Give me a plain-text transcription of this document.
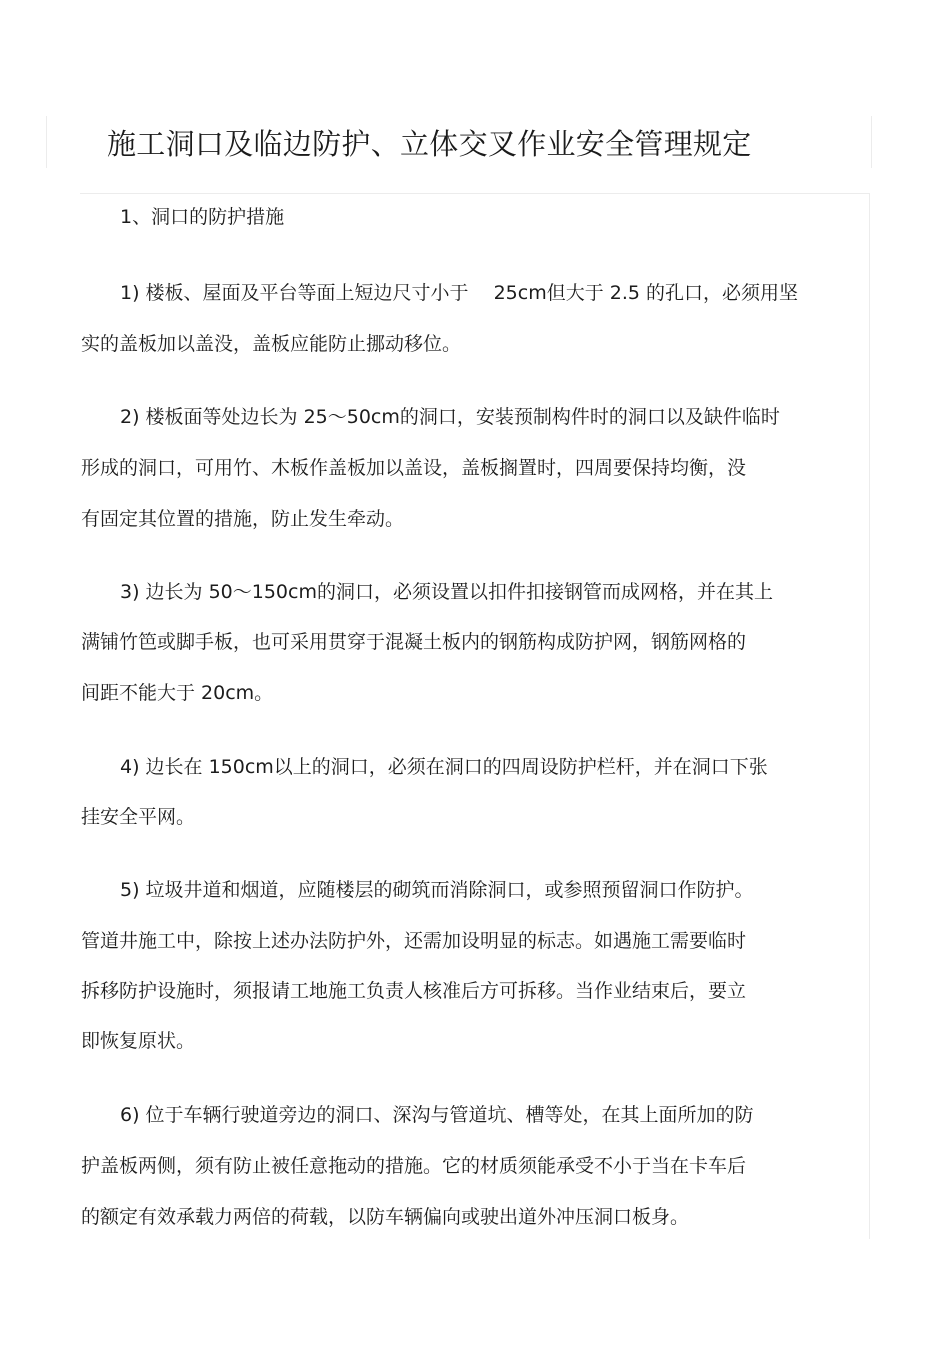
施工洞口及临边防护、立体交叉作业安全管理规定

1、洞口的防护措施

1) 楼板、屋面及平台等面上短边尺寸小于　 25cm但大于 2.5 的孔口，必须用坚

实的盖板加以盖没，盖板应能防止挪动移位。

2) 楼板面等处边长为 25～50cm的洞口，安装预制构件时的洞口以及缺件临时

形成的洞口，可用竹、木板作盖板加以盖设，盖板搁置时，四周要保持均衡，没

有固定其位置的措施，防止发生牵动。

3) 边长为 50～150cm的洞口，必须设置以扣件扣接钢管而成网格，并在其上

满铺竹笆或脚手板，也可采用贯穿于混凝土板内的钢筋构成防护网，钢筋网格的

间距不能大于 20cm。

4) 边长在 150cm以上的洞口，必须在洞口的四周设防护栏杆，并在洞口下张

挂安全平网。

5) 垃圾井道和烟道，应随楼层的砌筑而消除洞口，或参照预留洞口作防护。

管道井施工中，除按上述办法防护外，还需加设明显的标志。如遇施工需要临时

拆移防护设施时，须报请工地施工负责人核准后方可拆移。当作业结束后，要立

即恢复原状。

6) 位于车辆行驶道旁边的洞口、深沟与管道坑、槽等处，在其上面所加的防

护盖板两侧，须有防止被任意拖动的措施。它的材质须能承受不小于当在卡车后

的额定有效承载力两倍的荷载，以防车辆偏向或驶出道外冲压洞口板身。
